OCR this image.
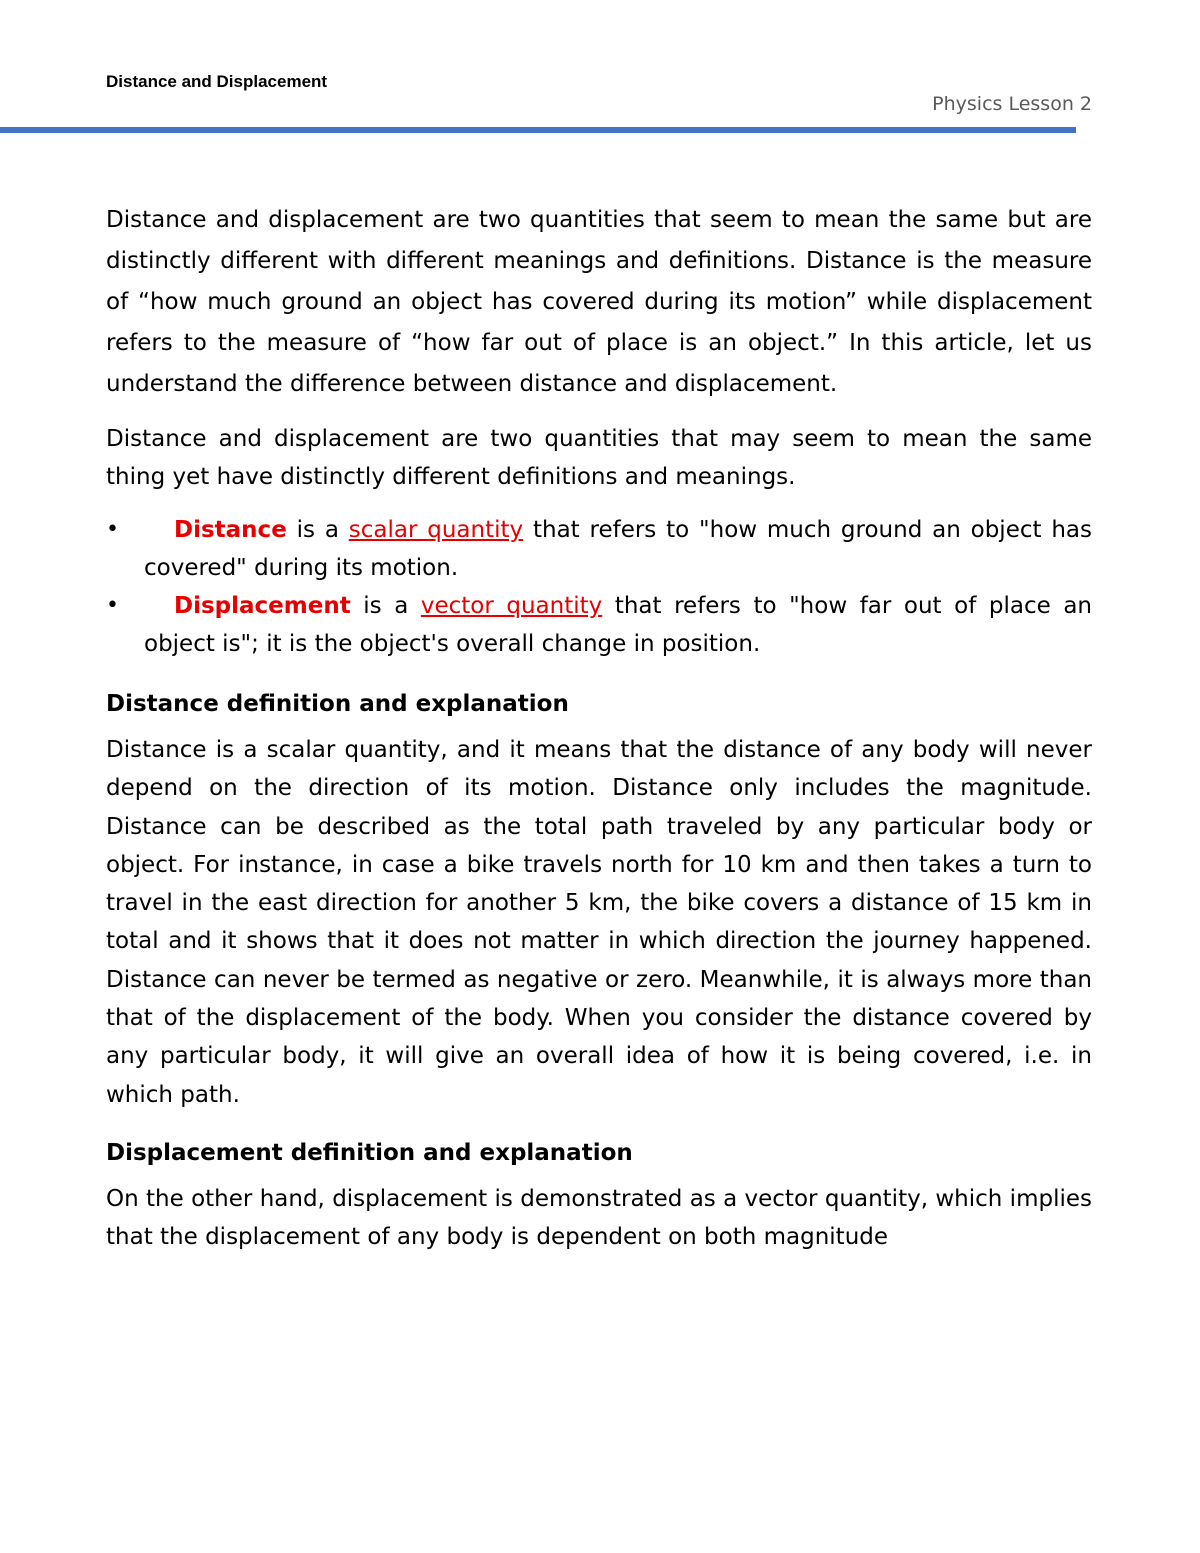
Distance and Displacement
Physics Lesson 2

Distance and displacement are two quantities that seem to mean the same but are distinctly different with different meanings and definitions. Distance is the measure of “how much ground an object has covered during its motion” while displacement refers to the measure of “how far out of place is an object.” In this article, let us understand the difference between distance and displacement.

Distance and displacement are two quantities that may seem to mean the same thing yet have distinctly different definitions and meanings.

• Distance is a scalar quantity that refers to "how much ground an object has covered" during its motion.
• Displacement is a vector quantity that refers to "how far out of place an object is"; it is the object's overall change in position.
Distance definition and explanation

Distance is a scalar quantity, and it means that the distance of any body will never depend on the direction of its motion. Distance only includes the magnitude. Distance can be described as the total path traveled by any particular body or object. For instance, in case a bike travels north for 10 km and then takes a turn to travel in the east direction for another 5 km, the bike covers a distance of 15 km in total and it shows that it does not matter in which direction the journey happened. Distance can never be termed as negative or zero. Meanwhile, it is always more than that of the displacement of the body. When you consider the distance covered by any particular body, it will give an overall idea of how it is being covered, i.e. in which path.

Displacement definition and explanation

On the other hand, displacement is demonstrated as a vector quantity, which implies that the displacement of any body is dependent on both magnitude
